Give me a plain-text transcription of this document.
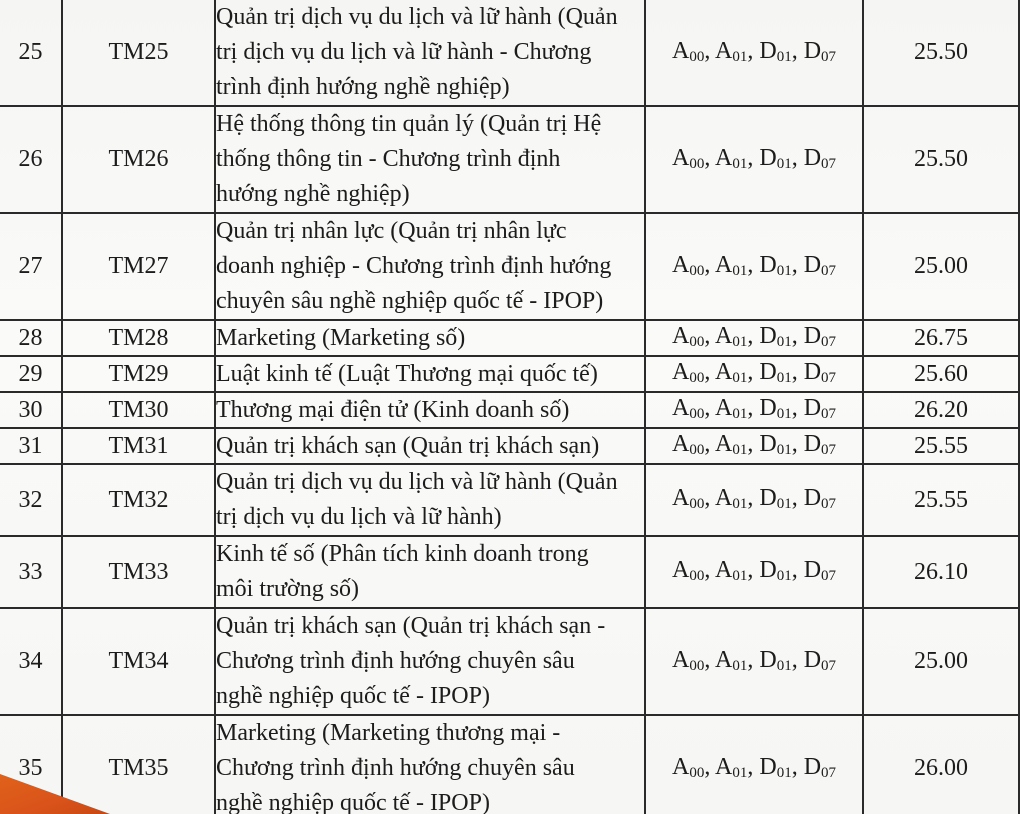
25	TM25	Quản trị dịch vụ du lịch và lữ hành (Quản
trị dịch vụ du lịch và lữ hành - Chương
trình định hướng nghề nghiệp)	A00, A01, D01, D07	25.50
26	TM26	Hệ thống thông tin quản lý (Quản trị Hệ
thống thông tin - Chương trình định
hướng nghề nghiệp)	A00, A01, D01, D07	25.50
27	TM27	Quản trị nhân lực (Quản trị nhân lực
doanh nghiệp - Chương trình định hướng
chuyên sâu nghề nghiệp quốc tế - IPOP)	A00, A01, D01, D07	25.00
28	TM28	Marketing (Marketing số)	A00, A01, D01, D07	26.75
29	TM29	Luật kinh tế (Luật Thương mại quốc tế)	A00, A01, D01, D07	25.60
30	TM30	Thương mại điện tử (Kinh doanh số)	A00, A01, D01, D07	26.20
31	TM31	Quản trị khách sạn (Quản trị khách sạn)	A00, A01, D01, D07	25.55
32	TM32	Quản trị dịch vụ du lịch và lữ hành (Quản
trị dịch vụ du lịch và lữ hành)	A00, A01, D01, D07	25.55
33	TM33	Kinh tế số (Phân tích kinh doanh trong
môi trường số)	A00, A01, D01, D07	26.10
34	TM34	Quản trị khách sạn (Quản trị khách sạn -
Chương trình định hướng chuyên sâu
nghề nghiệp quốc tế - IPOP)	A00, A01, D01, D07	25.00
35	TM35	Marketing (Marketing thương mại -
Chương trình định hướng chuyên sâu
nghề nghiệp quốc tế - IPOP)	A00, A01, D01, D07	26.00
